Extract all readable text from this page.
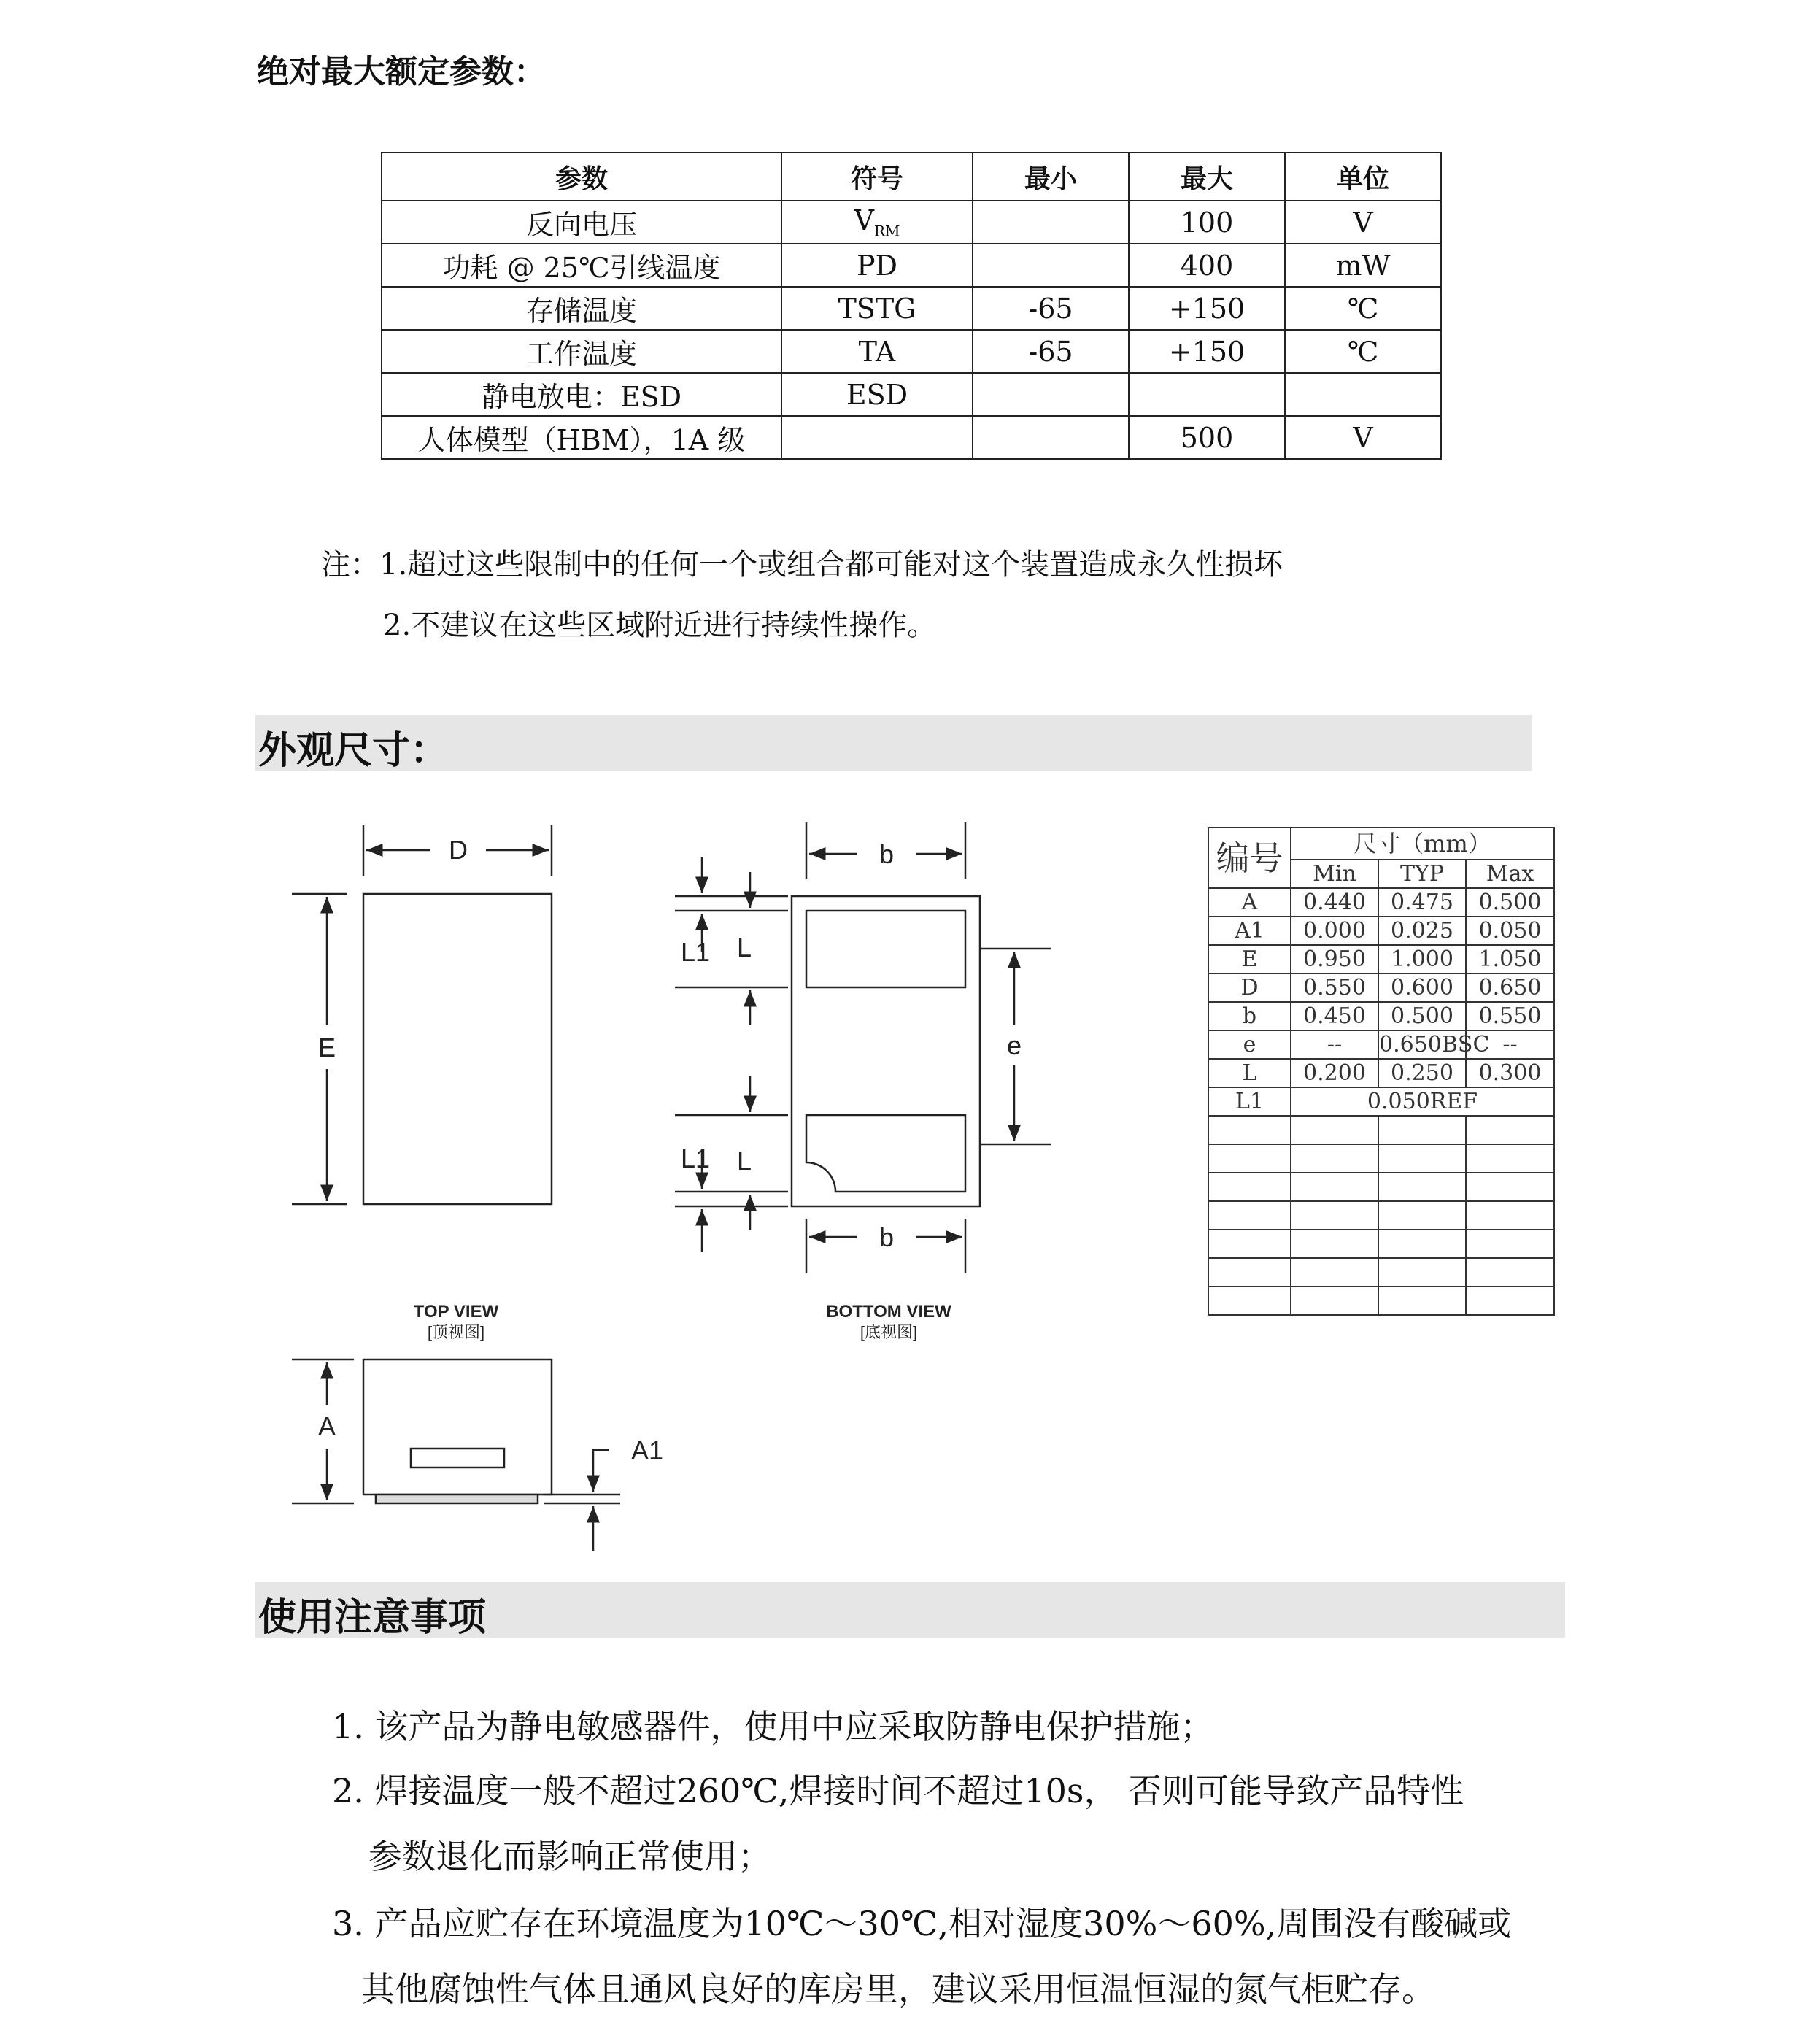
绝对最大额定参数：
参数	符号	最小	最大	单位
反向电压	$V_{RM}$		100	V
功耗 @ 25℃引线温度	PD		400	mW
存储温度	TSTG	-65	+150	℃
工作温度	TA	-65	+150	℃
静电放电：ESD	ESD			
人体模型（HBM），1A 级			500	V
注：1.超过这些限制中的任何一个或组合都可能对这个装置造成永久性损坏
2.不建议在这些区域附近进行持续性操作。
外观尺寸：
D
E
TOP VIEW
[顶视图]
A
A1
b
b
L1 L
L1 L
e
BOTTOM VIEW
[底视图]
编号	尺寸（mm）		
	Min	TYP	Max
A	0.440	0.475	0.500
A1	0.000	0.025	0.050
E	0.950	1.000	1.050
D	0.550	0.600	0.650
b	0.450	0.500	0.550
e	--	0.650BSC	--
L	0.200	0.250	0.300
L1	0.050REF		

使用注意事项
1. 该产品为静电敏感器件，使用中应采取防静电保护措施；
2. 焊接温度一般不超过260℃,焊接时间不超过10s， 否则可能导致产品特性
参数退化而影响正常使用；
3. 产品应贮存在环境温度为10℃～30℃,相对湿度30%～60%,周围没有酸碱或
其他腐蚀性气体且通风良好的库房里，建议采用恒温恒湿的氮气柜贮存。
